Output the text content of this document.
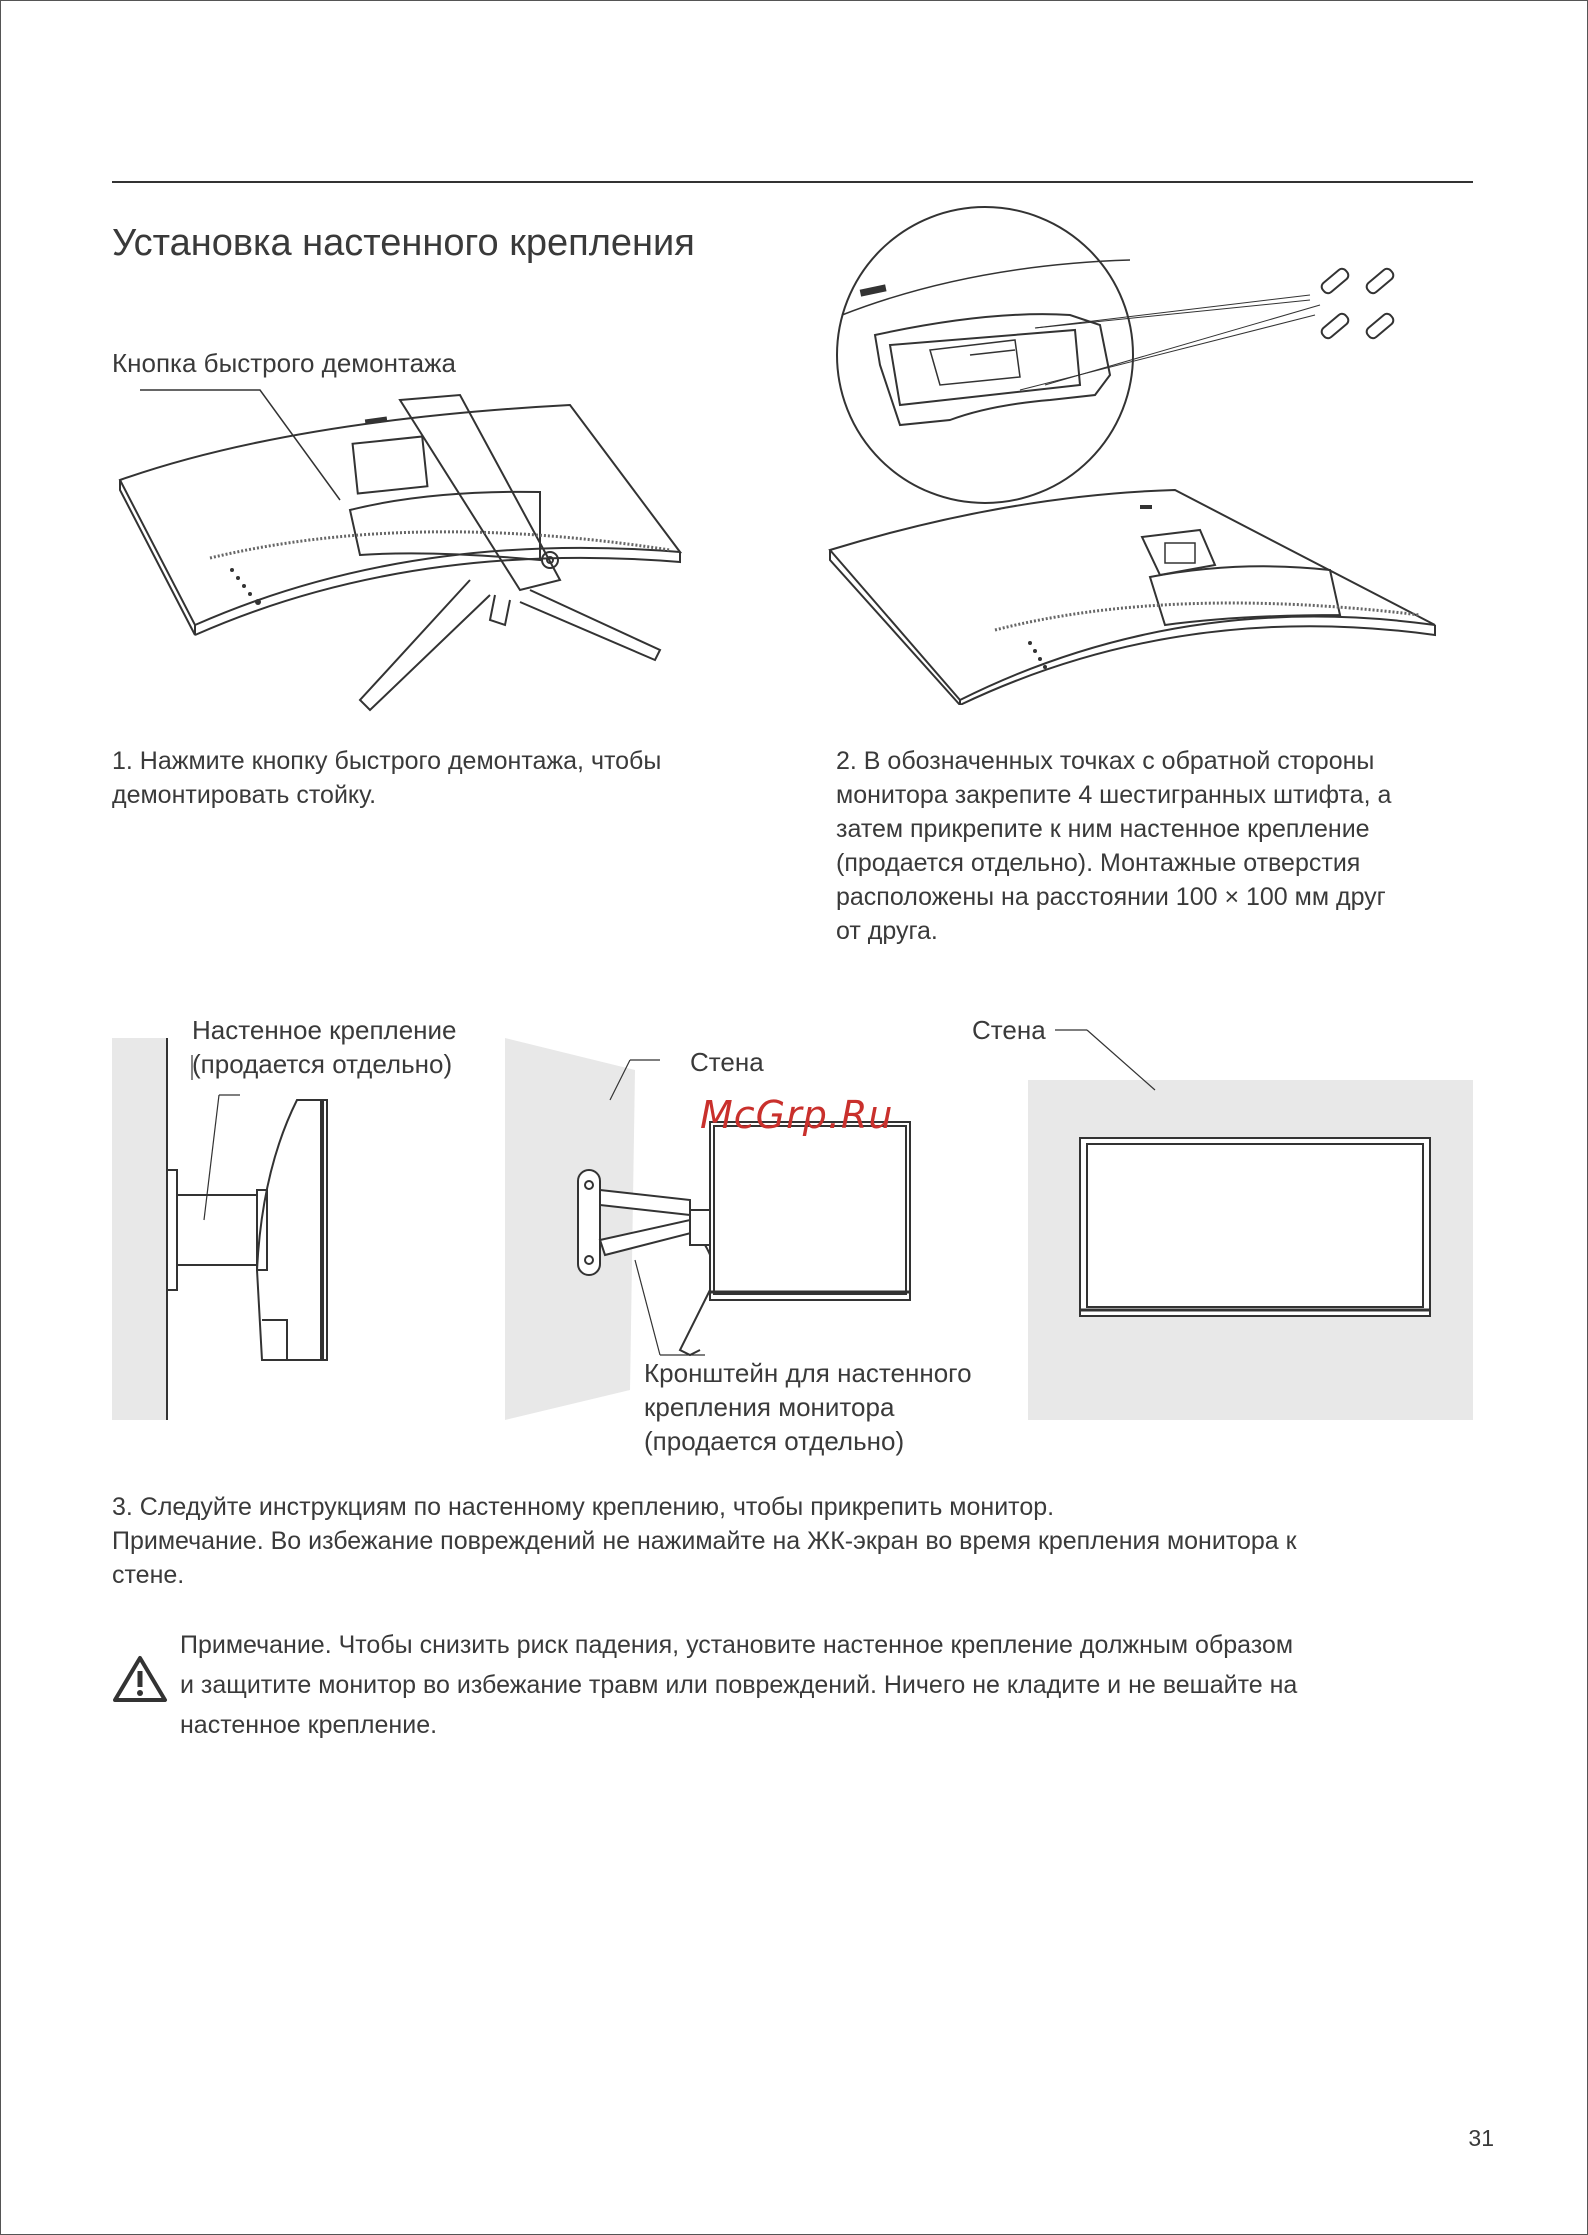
Установка настенного крепления
Кнопка быстрого демонтажа
1. Нажмите кнопку быстрого демонтажа, чтобы
демонтировать стойку.
2. В обозначенных точках с обратной стороны
монитора закрепите 4 шестигранных штифта, а
затем прикрепите к ним настенное крепление
(продается отдельно). Монтажные отверстия
расположены на расстоянии 100 × 100 мм друг
от друга.
Настенное крепление
(продается отдельно)	Стена
Стена
Кронштейн для настенного
крепления монитора
(продается отдельно)
McGrp.Ru
3. Следуйте инструкциям по настенному креплению, чтобы прикрепить монитор.
Примечание. Во избежание повреждений не нажимайте на ЖК-экран во время крепления монитора к
стене.
Примечание. Чтобы снизить риск падения, установите настенное крепление должным образом
и защитите монитор во избежание травм или повреждений. Ничего не кладите и не вешайте на
настенное крепление.
31
